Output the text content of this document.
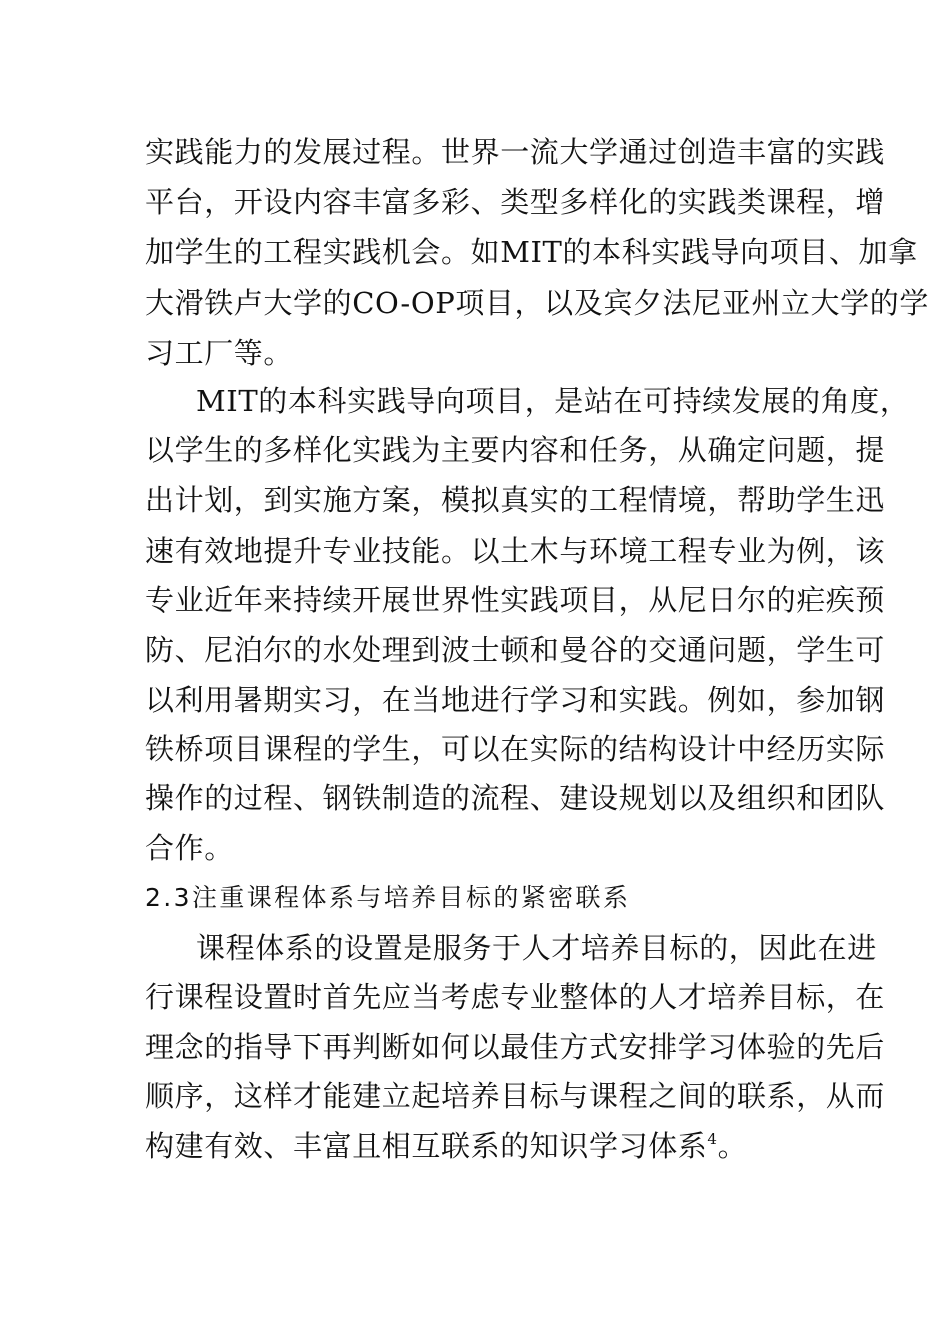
实践能力的发展过程。世界一流大学通过创造丰富的实践
平台，开设内容丰富多彩、类型多样化的实践类课程，增
加学生的工程实践机会。如MIT的本科实践导向项目、加拿
大滑铁卢大学的CO-OP项目，以及宾夕法尼亚州立大学的学
习工厂等。
MIT的本科实践导向项目，是站在可持续发展的角度，
以学生的多样化实践为主要内容和任务，从确定问题，提
出计划，到实施方案，模拟真实的工程情境，帮助学生迅
速有效地提升专业技能。以土木与环境工程专业为例，该
专业近年来持续开展世界性实践项目，从尼日尔的疟疾预
防、尼泊尔的水处理到波士顿和曼谷的交通问题，学生可
以利用暑期实习，在当地进行学习和实践。例如，参加钢
铁桥项目课程的学生，可以在实际的结构设计中经历实际
操作的过程、钢铁制造的流程、建设规划以及组织和团队
合作。
2.3注重课程体系与培养目标的紧密联系
课程体系的设置是服务于人才培养目标的，因此在进
行课程设置时首先应当考虑专业整体的人才培养目标，在
理念的指导下再判断如何以最佳方式安排学习体验的先后
顺序，这样才能建立起培养目标与课程之间的联系，从而
构建有效、丰富且相互联系的知识学习体系$^4$。
